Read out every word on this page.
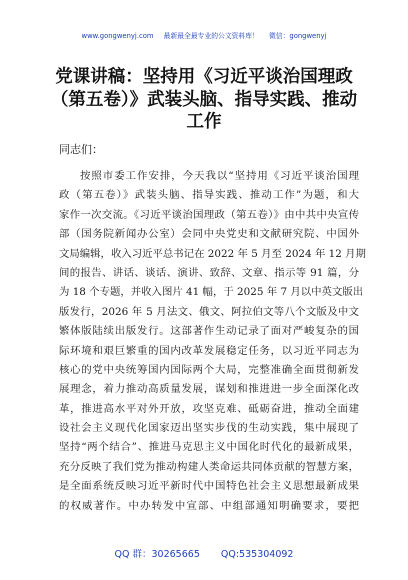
www.gongwenyj.com 最新最全最专业的公文资料库！ 微信：gongwenyj
党课讲稿：坚持用《习近平谈治国理政
（第五卷）》武装头脑、指导实践、推动
工作
同志们：
按照市委工作安排，今天我以“坚持用《习近平谈治国理
政（第五卷）》武装头脑、指导实践、推动工作”为题，和大
家作一次交流。《习近平谈治国理政（第五卷）》由中共中央宣传
部（国务院新闻办公室）会同中央党史和文献研究院、中国外
文局编辑，收入习近平总书记在 2022 年 5 月至 2024 年 12 月期
间的报告、讲话、谈话、演讲、致辞、文章、指示等 91 篇，分
为 18 个专题，并收入图片 41 幅，于 2025 年 7 月以中英文版出
版发行，2026 年 5 月法文、俄文、阿拉伯文等八个文版及中文
繁体版陆续出版发行。这部著作生动记录了面对严峻复杂的国
际环境和艰巨繁重的国内改革发展稳定任务，以习近平同志为
核心的党中央统筹国内国际两个大局，完整准确全面贯彻新发
展理念，着力推动高质量发展，谋划和推进进一步全面深化改
革，推进高水平对外开放，攻坚克难、砥砺奋进，推动全面建
设社会主义现代化国家迈出坚实步伐的生动实践，集中展现了
坚持“两个结合”、推进马克思主义中国化时代化的最新成果，
充分反映了我们党为推动构建人类命运共同体贡献的智慧方案，
是全面系统反映习近平新时代中国特色社会主义思想最新成果
的权威著作。中办转发中宣部、中组部通知明确要求，要把
QQ 群：30265665 QQ:535304092
